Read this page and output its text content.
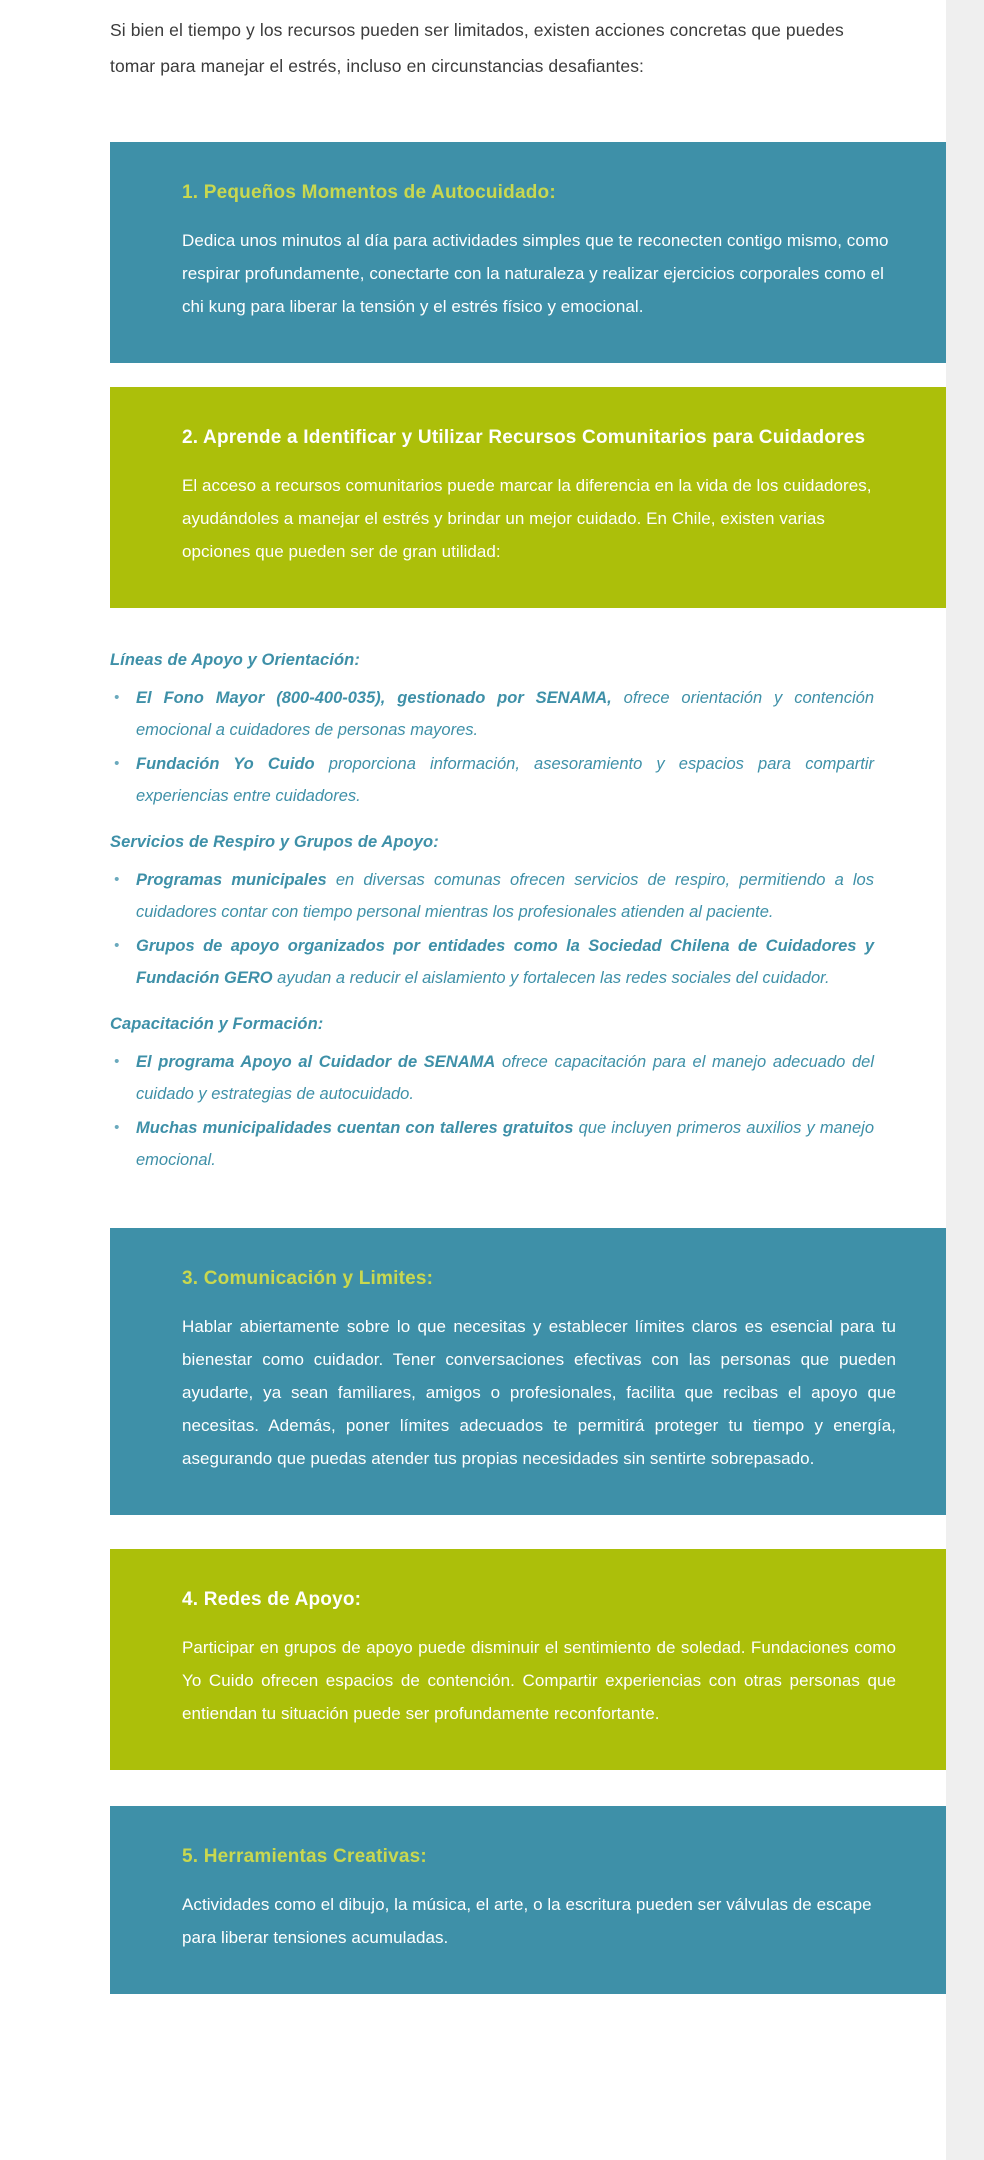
Si bien el tiempo y los recursos pueden ser limitados, existen acciones concretas que puedes tomar para manejar el estrés, incluso en circunstancias desafiantes:

1. Pequeños Momentos de Autocuidado:

Dedica unos minutos al día para actividades simples que te reconecten contigo mismo, como respirar profundamente, conectarte con la naturaleza y realizar ejercicios corporales como el chi kung para liberar la tensión y el estrés físico y emocional.

2. Aprende a Identificar y Utilizar Recursos Comunitarios para Cuidadores

El acceso a recursos comunitarios puede marcar la diferencia en la vida de los cuidadores, ayudándoles a manejar el estrés y brindar un mejor cuidado. En Chile, existen varias opciones que pueden ser de gran utilidad:

Líneas de Apoyo y Orientación:
• El Fono Mayor (800-400-035), gestionado por SENAMA, ofrece orientación y contención emocional a cuidadores de personas mayores.
• Fundación Yo Cuido proporciona información, asesoramiento y espacios para compartir experiencias entre cuidadores.
Servicios de Respiro y Grupos de Apoyo:
• Programas municipales en diversas comunas ofrecen servicios de respiro, permitiendo a los cuidadores contar con tiempo personal mientras los profesionales atienden al paciente.
• Grupos de apoyo organizados por entidades como la Sociedad Chilena de Cuidadores y Fundación GERO ayudan a reducir el aislamiento y fortalecen las redes sociales del cuidador.
Capacitación y Formación:
• El programa Apoyo al Cuidador de SENAMA ofrece capacitación para el manejo adecuado del cuidado y estrategias de autocuidado.
• Muchas municipalidades cuentan con talleres gratuitos que incluyen primeros auxilios y manejo emocional.
3. Comunicación y Limites:

Hablar abiertamente sobre lo que necesitas y establecer límites claros es esencial para tu bienestar como cuidador. Tener conversaciones efectivas con las personas que pueden ayudarte, ya sean familiares, amigos o profesionales, facilita que recibas el apoyo que necesitas. Además, poner límites adecuados te permitirá proteger tu tiempo y energía, asegurando que puedas atender tus propias necesidades sin sentirte sobrepasado.

4. Redes de Apoyo:

Participar en grupos de apoyo puede disminuir el sentimiento de soledad. Fundaciones como Yo Cuido ofrecen espacios de contención. Compartir experiencias con otras personas que entiendan tu situación puede ser profundamente reconfortante.

5. Herramientas Creativas:

Actividades como el dibujo, la música, el arte, o la escritura pueden ser válvulas de escape para liberar tensiones acumuladas.
